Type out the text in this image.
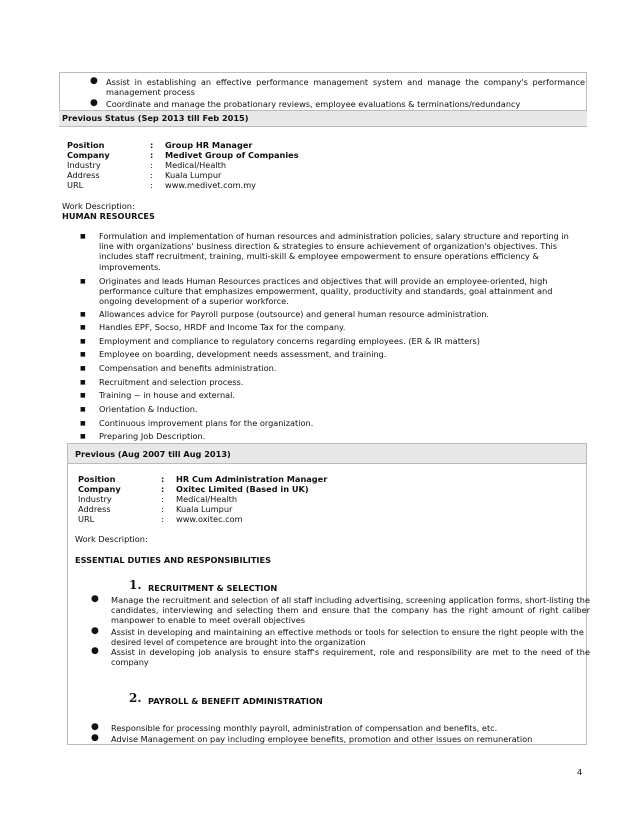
● Assist in establishing an effective performance management system and manage the company's performance management process
● Coordinate and manage the probationary reviews, employee evaluations & terminations/redundancy
Previous Status (Sep 2013 till Feb 2015)
Position	: Group HR Manager
Company	: Medivet Group of Companies
Industry	: Medical/Health
Address	: Kuala Lumpur
URL	: www.medivet.com.my
Work Description:
HUMAN RESOURCES
■ Formulation and implementation of human resources and administration policies, salary structure and reporting in line with organizations' business direction & strategies to ensure achievement of organization's objectives. This includes staff recruitment, training, multi-skill & employee empowerment to ensure operations efficiency & improvements.
■ Originates and leads Human Resources practices and objectives that will provide an employee-oriented, high performance culture that emphasizes empowerment, quality, productivity and standards, goal attainment and ongoing development of a superior workforce.
■ Allowances advice for Payroll purpose (outsource) and general human resource administration.
■ Handles EPF, Socso, HRDF and Income Tax for the company.
■ Employment and compliance to regulatory concerns regarding employees. (ER & IR matters)
■ Employee on boarding, development needs assessment, and training.
■ Compensation and benefits administration.
■ Recruitment and selection process.
■ Training ~ in house and external.
■ Orientation & Induction.
■ Continuous improvement plans for the organization.
■ Preparing Job Description.
Previous (Aug 2007 till Aug 2013)
Position	: HR Cum Administration Manager
Company	: Oxitec Limited (Based in UK)
Industry	: Medical/Health
Address	: Kuala Lumpur
URL	: www.oxitec.com
Work Description:
ESSENTIAL DUTIES AND RESPONSIBILITIES
1. RECRUITMENT & SELECTION
● Manage the recruitment and selection of all staff including advertising, screening application forms, short-listing the candidates, interviewing and selecting them and ensure that the company has the right amount of right caliber manpower to enable to meet overall objectives
● Assist in developing and maintaining an effective methods or tools for selection to ensure the right people with the desired level of competence are brought into the organization
● Assist in developing job analysis to ensure staff's requirement, role and responsibility are met to the need of the company
2. PAYROLL & BENEFIT ADMINISTRATION
● Responsible for processing monthly payroll, administration of compensation and benefits, etc.
● Advise Management on pay including employee benefits, promotion and other issues on remuneration
4
